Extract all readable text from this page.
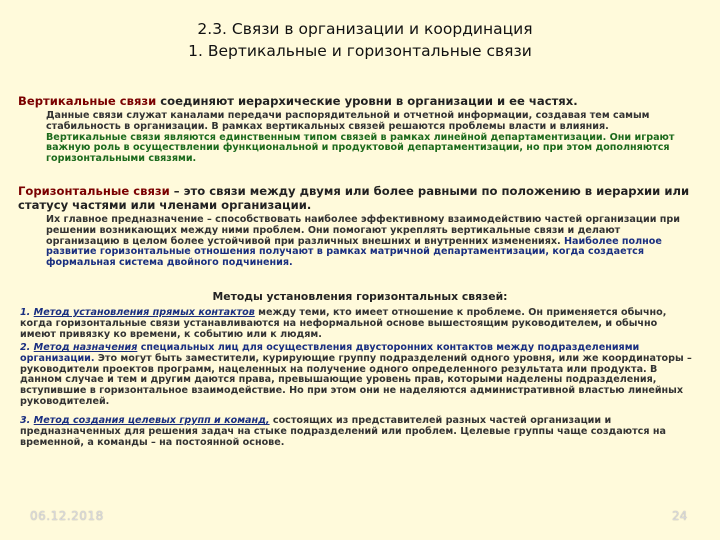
2.3. Связи в организации и координация
1. Вертикальные и горизонтальные связи

Вертикальные связи соединяют иерархические уровни в организации и ее частях.

Данные связи служат каналами передачи распорядительной и отчетной информации, создавая тем самым стабильность в организации. В рамках вертикальных связей решаются проблемы власти и влияния. Вертикальные связи являются единственным типом связей в рамках линейной департаментизации. Они играют важную роль в осуществлении функциональной и продуктовой департаментизации, но при этом дополняются горизонтальными связями.

Горизонтальные связи – это связи между двумя или более равными по положению в иерархии или статусу частями или членами организации.

Их главное предназначение – способствовать наиболее эффективному взаимодействию частей организации при решении возникающих между ними проблем. Они помогают укреплять вертикальные связи и делают организацию в целом более устойчивой при различных внешних и внутренних изменениях. Наиболее полное развитие горизонтальные отношения получают в рамках матричной департаментизации, когда создается формальная система двойного подчинения.

Методы установления горизонтальных связей:

1. Метод установления прямых контактов между теми, кто имеет отношение к проблеме. Он применяется обычно, когда горизонтальные связи устанавливаются на неформальной основе вышестоящим руководителем, и обычно имеют привязку ко времени, к событию или к людям.

2. Метод назначения специальных лиц для осуществления двусторонних контактов между подразделениями организации. Это могут быть заместители, курирующие группу подразделений одного уровня, или же координаторы – руководители проектов программ, нацеленных на получение одного определенного результата или продукта. В данном случае и тем и другим даются права, превышающие уровень прав, которыми наделены подразделения, вступившие в горизонтальное взаимодействие. Но при этом они не наделяются административной властью линейных руководителей.

3. Метод создания целевых групп и команд, состоящих из представителей разных частей организации и предназначенных для решения задач на стыке подразделений или проблем. Целевые группы чаще создаются на временной, а команды – на постоянной основе.

06.12.2018	24
